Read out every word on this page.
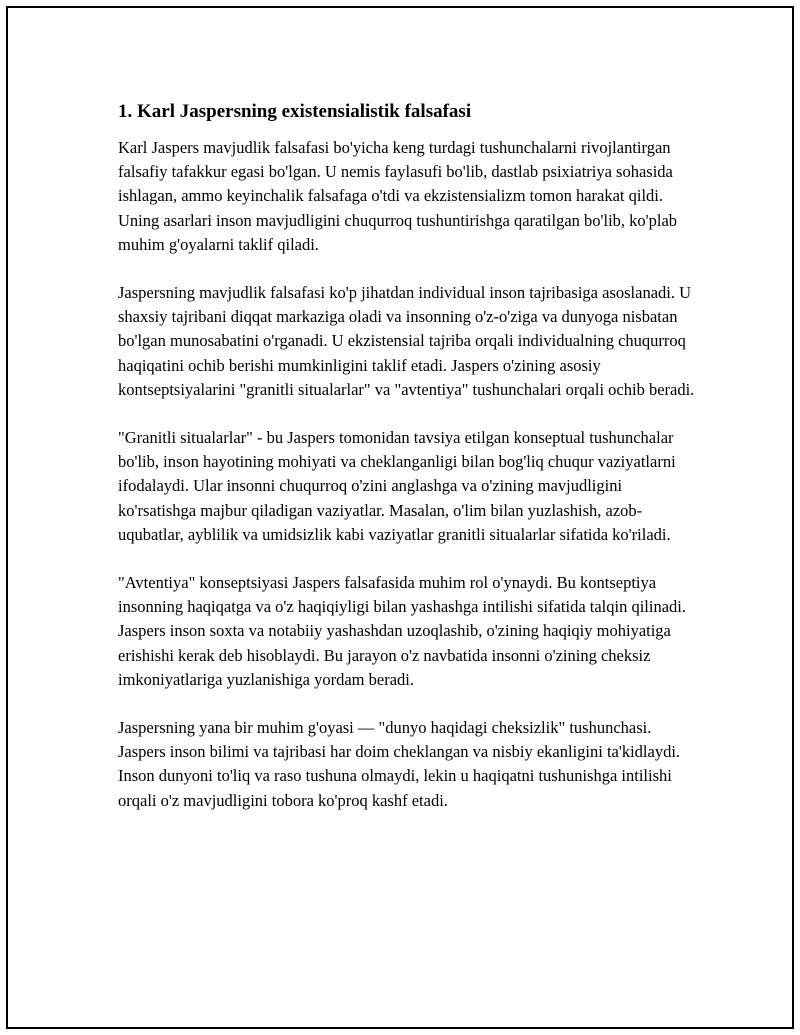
1. Karl Jaspersning existensialistik falsafasi

Karl Jaspers mavjudlik falsafasi bo'yicha keng turdagi tushunchalarni rivojlantirgan falsafiy tafakkur egasi bo'lgan. U nemis faylasufi bo'lib, dastlab psixiatriya sohasida ishlagan, ammo keyinchalik falsafaga o'tdi va ekzistensializm tomon harakat qildi. Uning asarlari inson mavjudligini chuqurroq tushuntirishga qaratilgan bo'lib, ko'plab muhim g'oyalarni taklif qiladi.

Jaspersning mavjudlik falsafasi ko'p jihatdan individual inson tajribasiga asoslanadi. U shaxsiy tajribani diqqat markaziga oladi va insonning o'z-o'ziga va dunyoga nisbatan bo'lgan munosabatini o'rganadi. U ekzistensial tajriba orqali individualning chuqurroq haqiqatini ochib berishi mumkinligini taklif etadi. Jaspers o'zining asosiy kontseptsiyalarini "granitli situalarlar" va "avtentiya" tushunchalari orqali ochib beradi.

"Granitli situalarlar" - bu Jaspers tomonidan tavsiya etilgan konseptual tushunchalar bo'lib, inson hayotining mohiyati va cheklanganligi bilan bog'liq chuqur vaziyatlarni ifodalaydi. Ular insonni chuqurroq o'zini anglashga va o'zining mavjudligini ko'rsatishga majbur qiladigan vaziyatlar. Masalan, o'lim bilan yuzlashish, azob-uqubatlar, ayblilik va umidsizlik kabi vaziyatlar granitli situalarlar sifatida ko'riladi.

"Avtentiya" konseptsiyasi Jaspers falsafasida muhim rol o'ynaydi. Bu kontseptiya insonning haqiqatga va o'z haqiqiyligi bilan yashashga intilishi sifatida talqin qilinadi. Jaspers inson soxta va notabiiy yashashdan uzoqlashib, o'zining haqiqiy mohiyatiga erishishi kerak deb hisoblaydi. Bu jarayon o'z navbatida insonni o'zining cheksiz imkoniyatlariga yuzlanishiga yordam beradi.

Jaspersning yana bir muhim g'oyasi — "dunyo haqidagi cheksizlik" tushunchasi. Jaspers inson bilimi va tajribasi har doim cheklangan va nisbiy ekanligini ta'kidlaydi. Inson dunyoni to'liq va raso tushuna olmaydi, lekin u haqiqatni tushunishga intilishi orqali o'z mavjudligini tobora ko'proq kashf etadi.
